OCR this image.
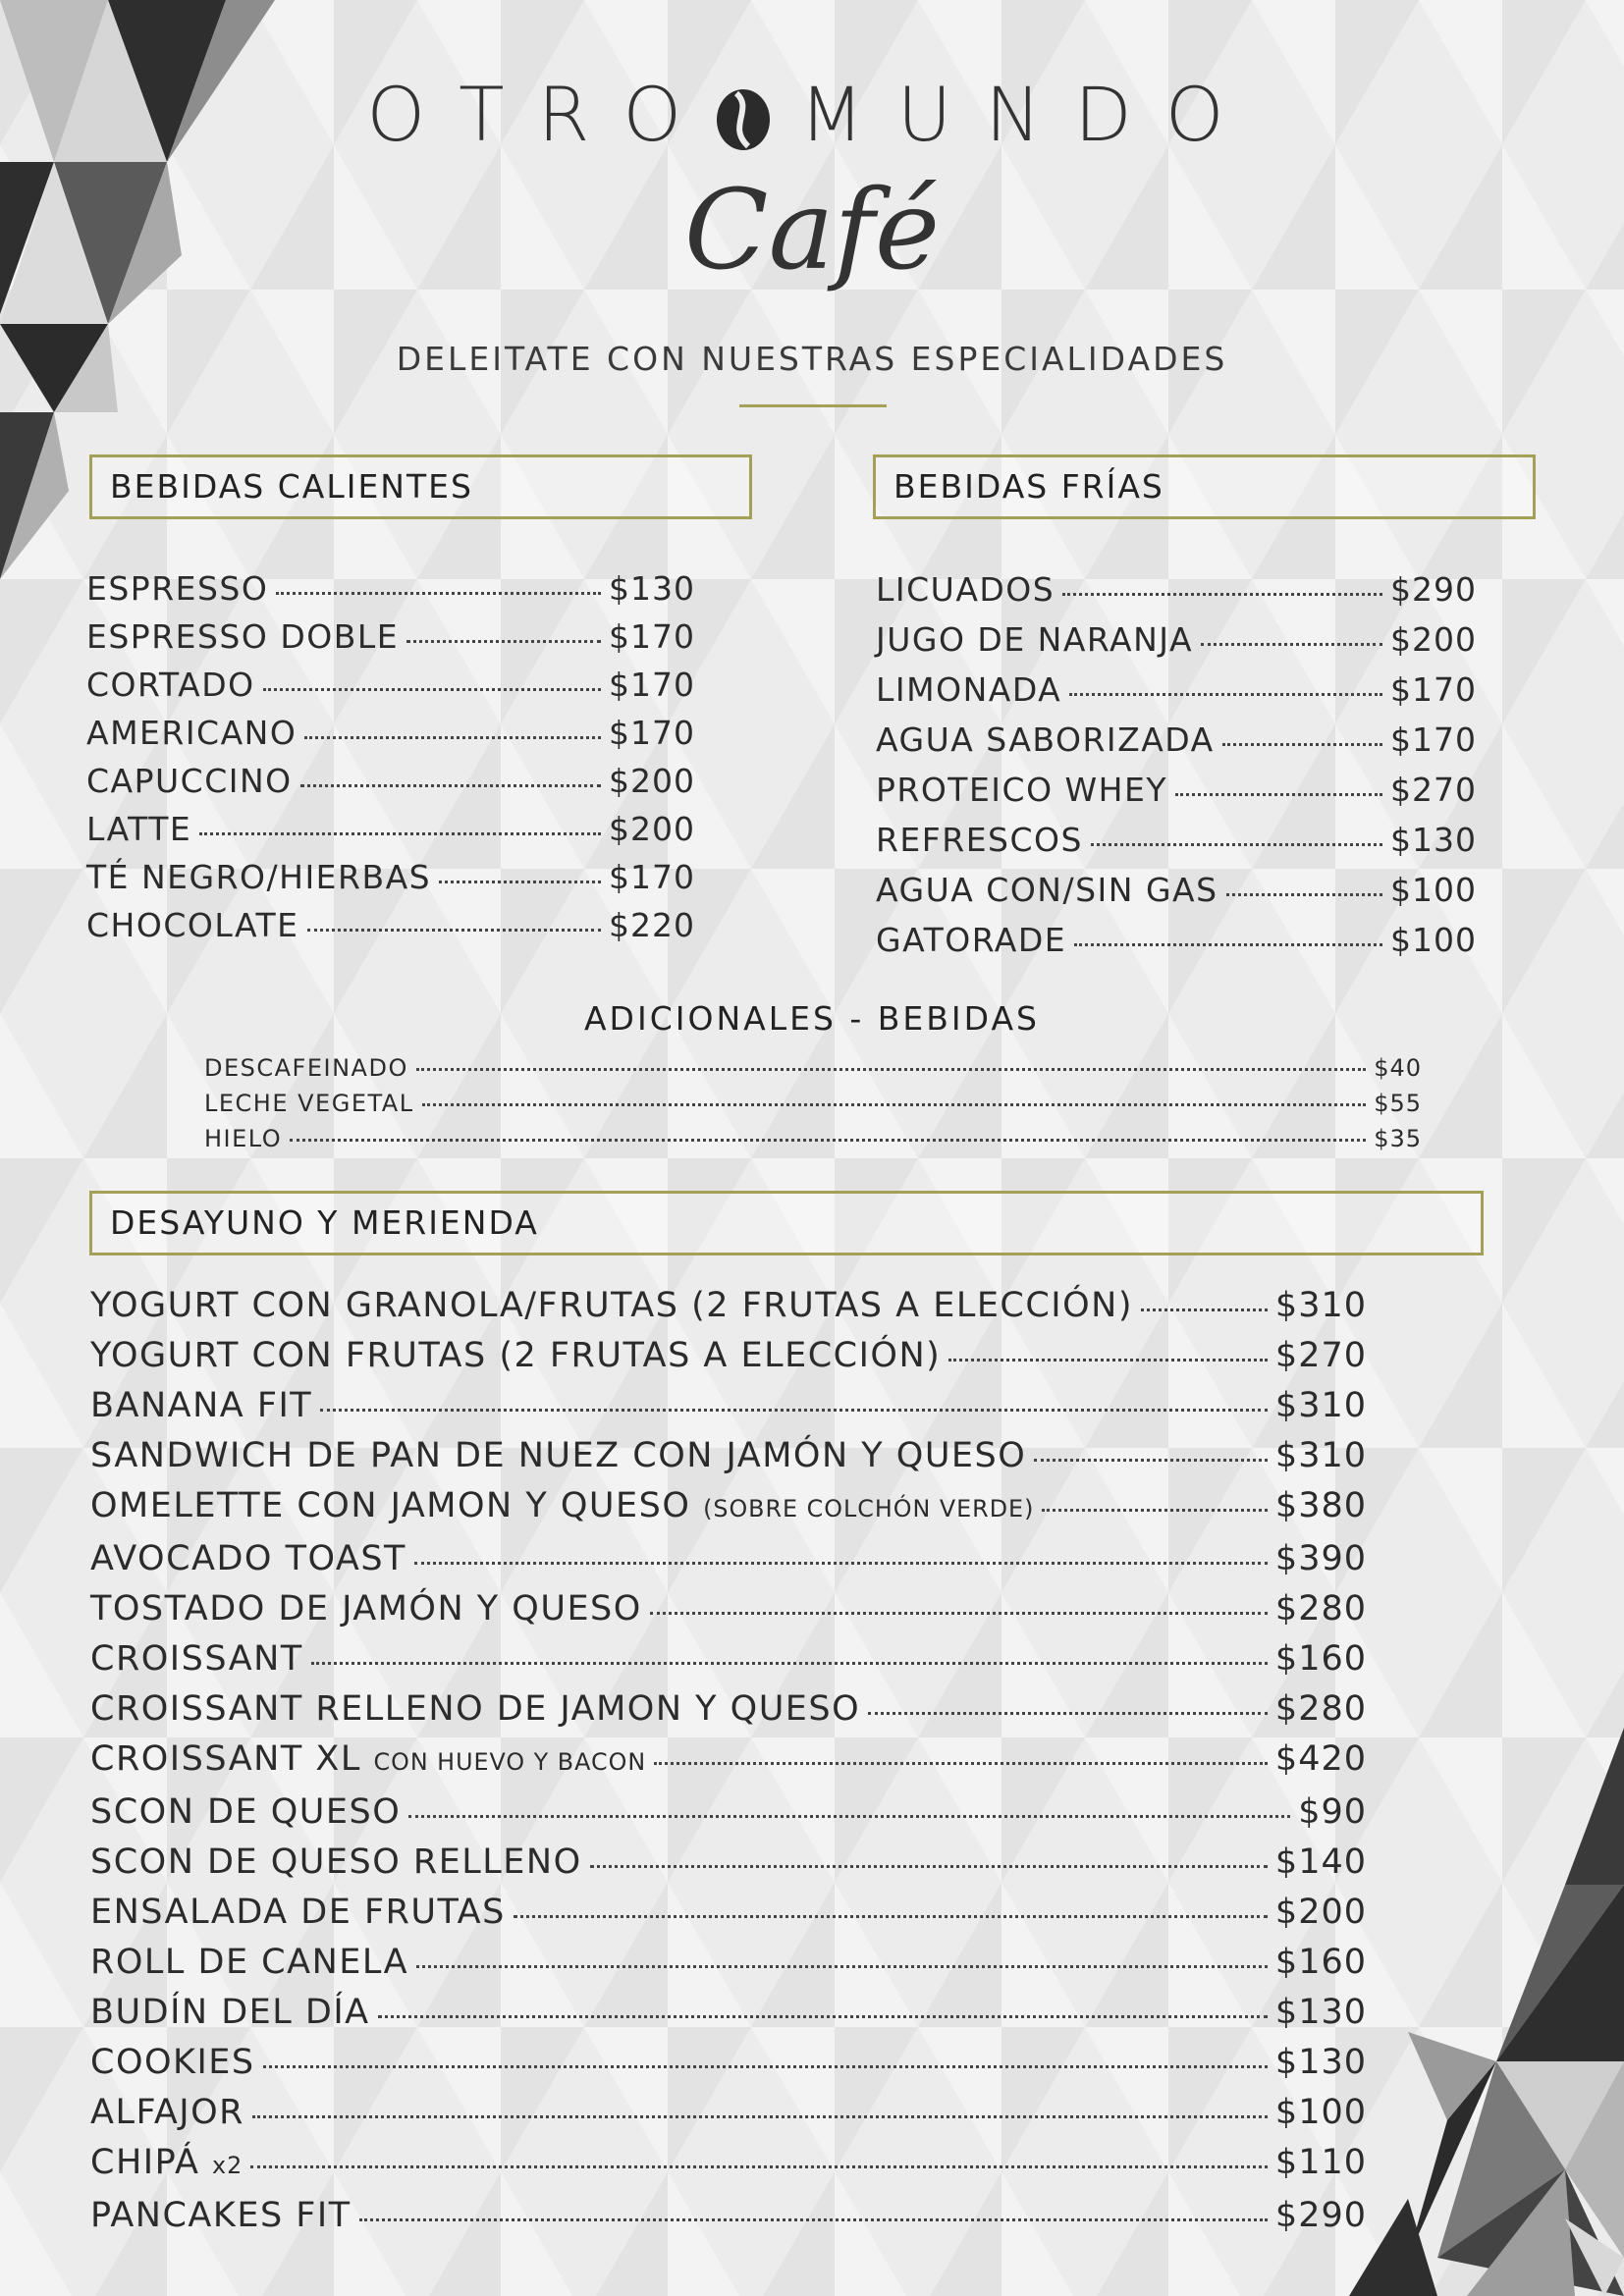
OTRO MUNDO
Café
DELEITATE CON NUESTRAS ESPECIALIDADES
BEBIDAS CALIENTES	BEBIDAS FRÍAS
DESAYUNO Y MERIENDA
ESPRESSO	$130
ESPRESSO DOBLE	$170
CORTADO	$170
AMERICANO	$170
CAPUCCINO	$200
LATTE	$200
TÉ NEGRO/HIERBAS	$170
CHOCOLATE	$220
LICUADOS	$290
JUGO DE NARANJA	$200
LIMONADA	$170
AGUA SABORIZADA	$170
PROTEICO WHEY	$270
REFRESCOS	$130
AGUA CON/SIN GAS	$100
GATORADE	$100
ADICIONALES - BEBIDAS
DESCAFEINADO	$40
LECHE VEGETAL	$55
HIELO	$35
YOGURT CON GRANOLA/FRUTAS (2 FRUTAS A ELECCIÓN)	$310
YOGURT CON FRUTAS (2 FRUTAS A ELECCIÓN)	$270
BANANA FIT	$310
SANDWICH DE PAN DE NUEZ CON JAMÓN Y QUESO	$310
OMELETTE CON JAMON Y QUESO (SOBRE COLCHÓN VERDE)	$380
AVOCADO TOAST	$390
TOSTADO DE JAMÓN Y QUESO	$280
CROISSANT	$160
CROISSANT RELLENO DE JAMON Y QUESO	$280
CROISSANT XL CON HUEVO Y BACON	$420
SCON DE QUESO	$90
SCON DE QUESO RELLENO	$140
ENSALADA DE FRUTAS	$200
ROLL DE CANELA	$160
BUDÍN DEL DÍA	$130
COOKIES	$130
ALFAJOR	$100
CHIPÁ x2	$110
PANCAKES FIT	$290
